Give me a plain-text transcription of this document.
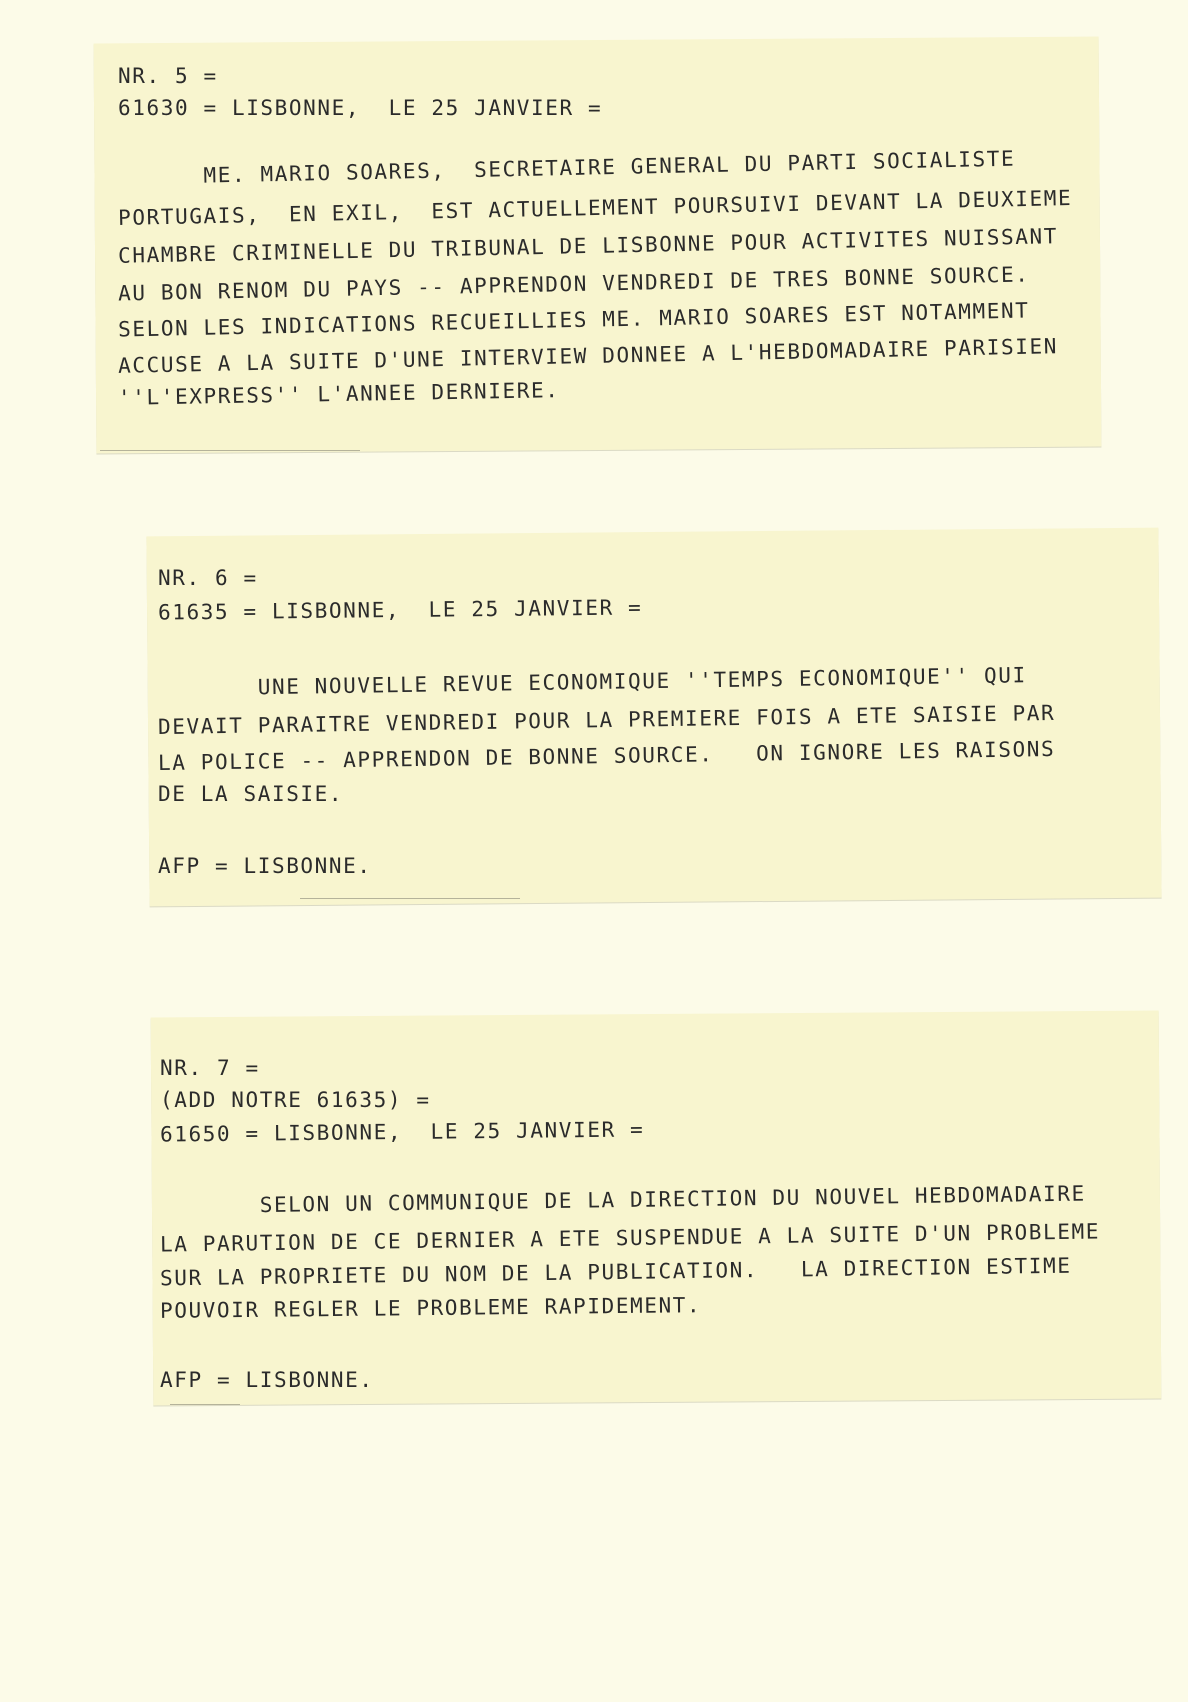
NR. 5 =
61630 = LISBONNE,  LE 25 JANVIER =
ME. MARIO SOARES,  SECRETAIRE GENERAL DU PARTI SOCIALISTE
PORTUGAIS,  EN EXIL,  EST ACTUELLEMENT POURSUIVI DEVANT LA DEUXIEME
CHAMBRE CRIMINELLE DU TRIBUNAL DE LISBONNE POUR ACTIVITES NUISSANT
AU BON RENOM DU PAYS -- APPRENDON VENDREDI DE TRES BONNE SOURCE.
SELON LES INDICATIONS RECUEILLIES ME. MARIO SOARES EST NOTAMMENT
ACCUSE A LA SUITE D'UNE INTERVIEW DONNEE A L'HEBDOMADAIRE PARISIEN
''L'EXPRESS'' L'ANNEE DERNIERE.
NR. 6 =
61635 = LISBONNE,  LE 25 JANVIER =
UNE NOUVELLE REVUE ECONOMIQUE ''TEMPS ECONOMIQUE'' QUI
DEVAIT PARAITRE VENDREDI POUR LA PREMIERE FOIS A ETE SAISIE PAR
LA POLICE -- APPRENDON DE BONNE SOURCE.   ON IGNORE LES RAISONS
DE LA SAISIE.
AFP = LISBONNE.
NR. 7 =
(ADD NOTRE 61635) =
61650 = LISBONNE,  LE 25 JANVIER =
SELON UN COMMUNIQUE DE LA DIRECTION DU NOUVEL HEBDOMADAIRE
LA PARUTION DE CE DERNIER A ETE SUSPENDUE A LA SUITE D'UN PROBLEME
SUR LA PROPRIETE DU NOM DE LA PUBLICATION.   LA DIRECTION ESTIME
POUVOIR REGLER LE PROBLEME RAPIDEMENT.
AFP = LISBONNE.
